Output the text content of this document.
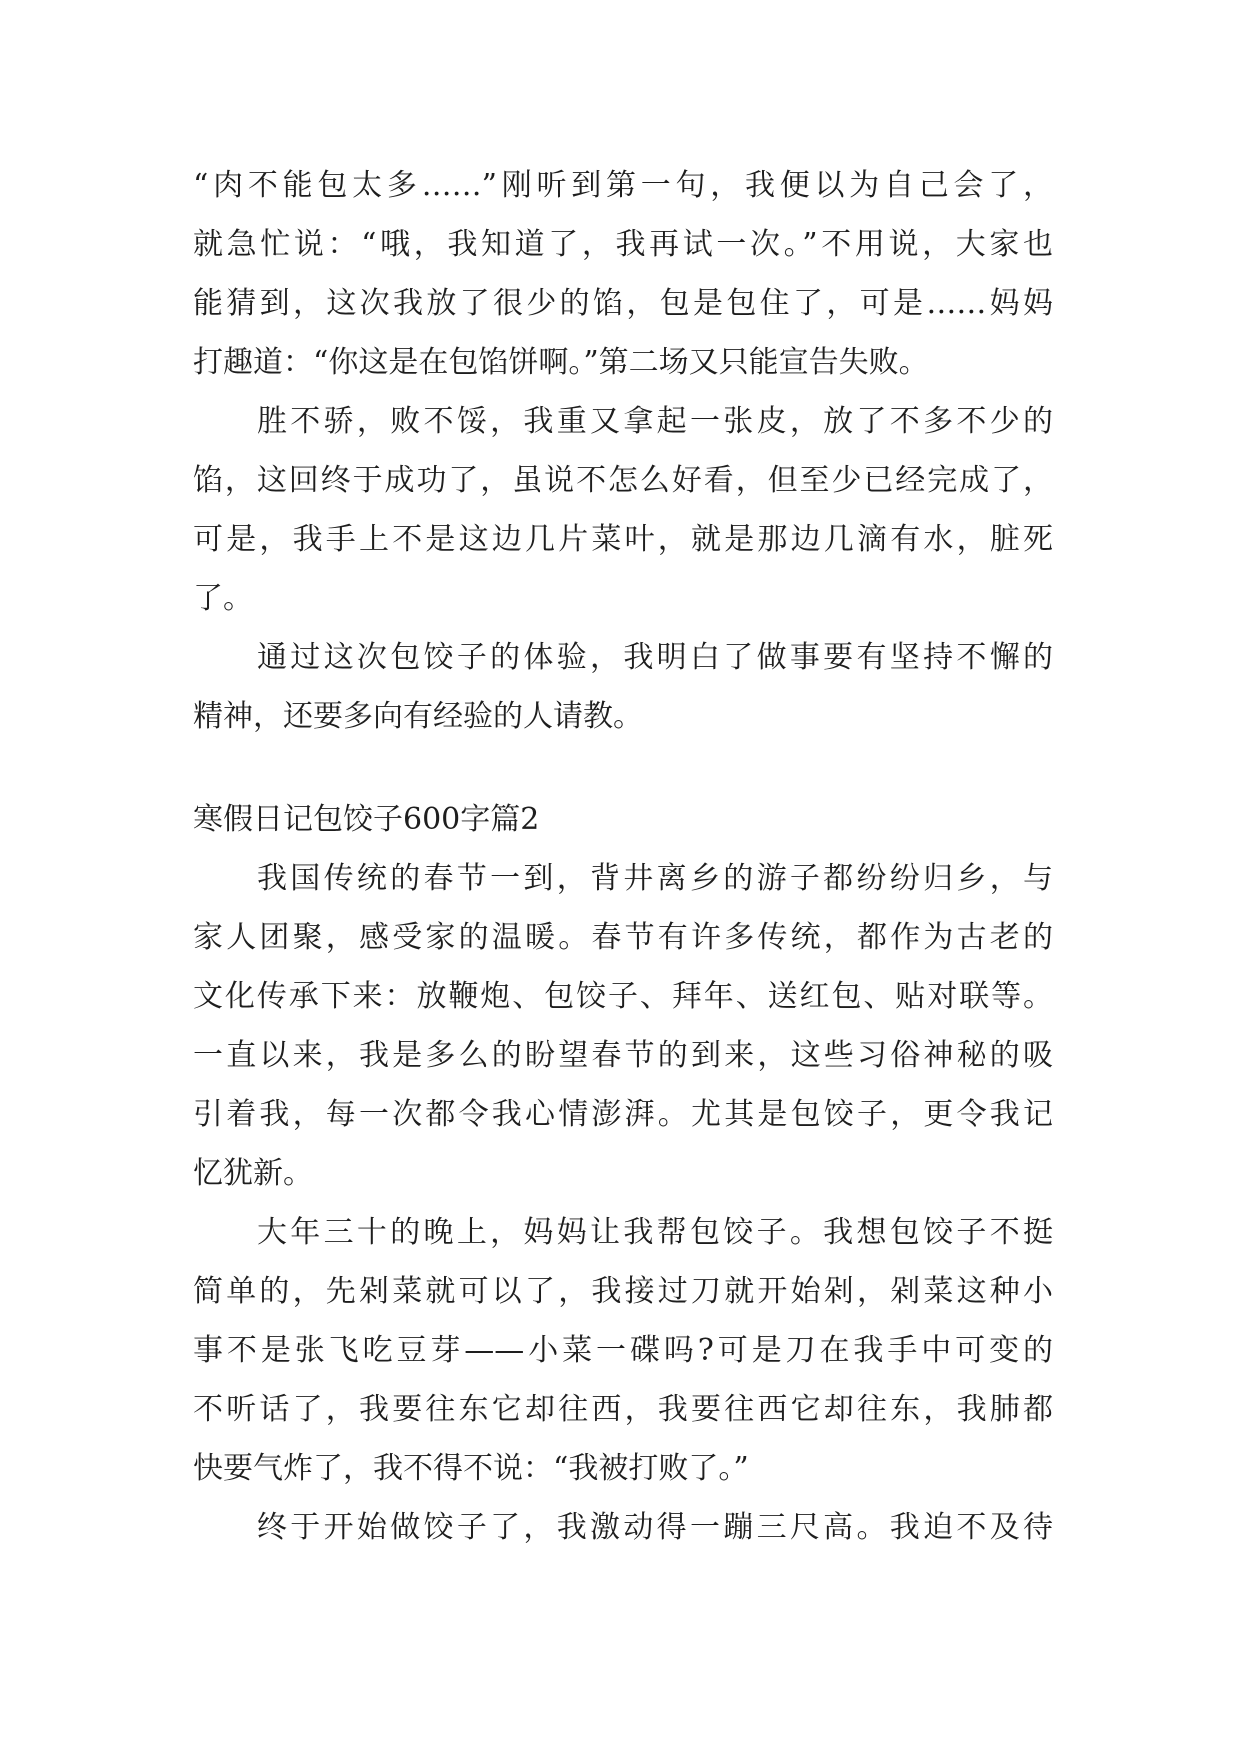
“肉不能包太多……”刚听到第一句，我便以为自己会了，
就急忙说：“哦，我知道了，我再试一次。”不用说，大家也
能猜到，这次我放了很少的馅，包是包住了，可是……妈妈
打趣道：“你这是在包馅饼啊。”第二场又只能宣告失败。
胜不骄，败不馁，我重又拿起一张皮，放了不多不少的
馅，这回终于成功了，虽说不怎么好看，但至少已经完成了，
可是，我手上不是这边几片菜叶，就是那边几滴有水，脏死
了。
通过这次包饺子的体验，我明白了做事要有坚持不懈的
精神，还要多向有经验的人请教。
寒假日记包饺子600字篇2
我国传统的春节一到，背井离乡的游子都纷纷归乡，与
家人团聚，感受家的温暖。春节有许多传统，都作为古老的
文化传承下来：放鞭炮、包饺子、拜年、送红包、贴对联等。
一直以来，我是多么的盼望春节的到来，这些习俗神秘的吸
引着我，每一次都令我心情澎湃。尤其是包饺子，更令我记
忆犹新。
大年三十的晚上，妈妈让我帮包饺子。我想包饺子不挺
简单的，先剁菜就可以了，我接过刀就开始剁，剁菜这种小
事不是张飞吃豆芽——小菜一碟吗?可是刀在我手中可变的
不听话了，我要往东它却往西，我要往西它却往东，我肺都
快要气炸了，我不得不说：“我被打败了。”
终于开始做饺子了，我激动得一蹦三尺高。我迫不及待
